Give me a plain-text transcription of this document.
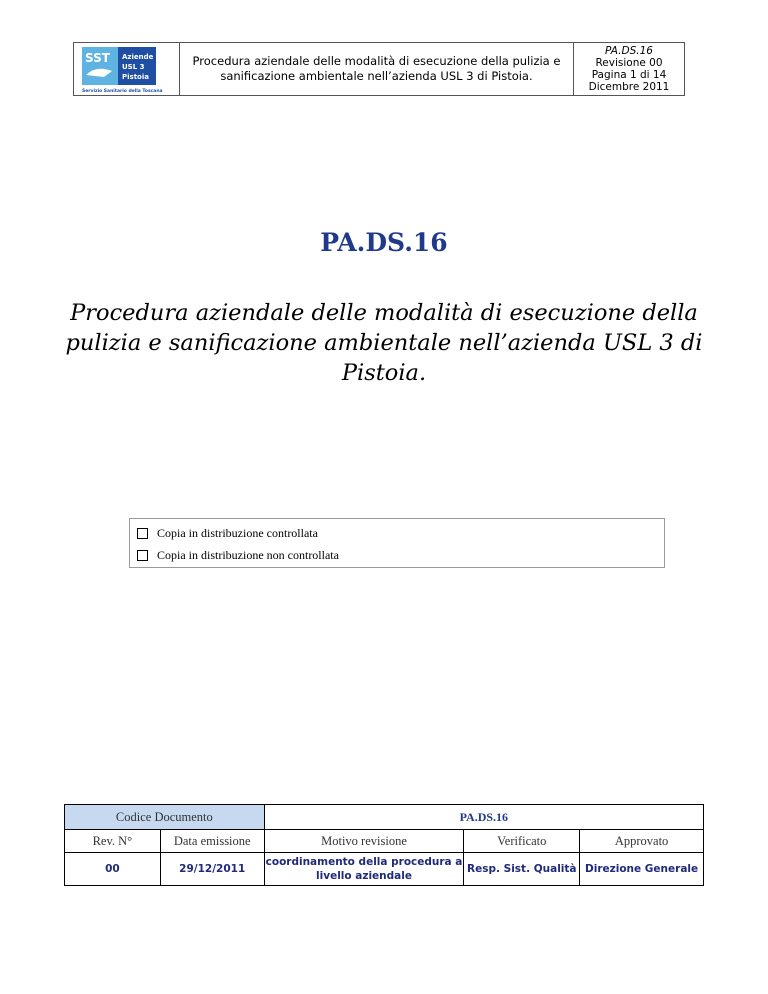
SST Aziende
USL 3
Pistoia
Servizio Sanitario della Toscana
Procedura aziendale delle modalità di esecuzione della pulizia e sanificazione ambientale nell’azienda USL 3 di Pistoia.
PA.DS.16
Revisione 00
Pagina 1 di 14
Dicembre 2011
PA.DS.16
Procedura aziendale delle modalità di esecuzione della pulizia e sanificazione ambientale nell’azienda USL 3 di Pistoia.
Copia in distribuzione controllata
Copia in distribuzione non controllata
Codice Documento		PA.DS.16		
Rev. N°	Data emissione	Motivo revisione	Verificato	Approvato
00	29/12/2011	coordinamento della procedura a livello aziendale	Resp. Sist. Qualità	Direzione Generale
